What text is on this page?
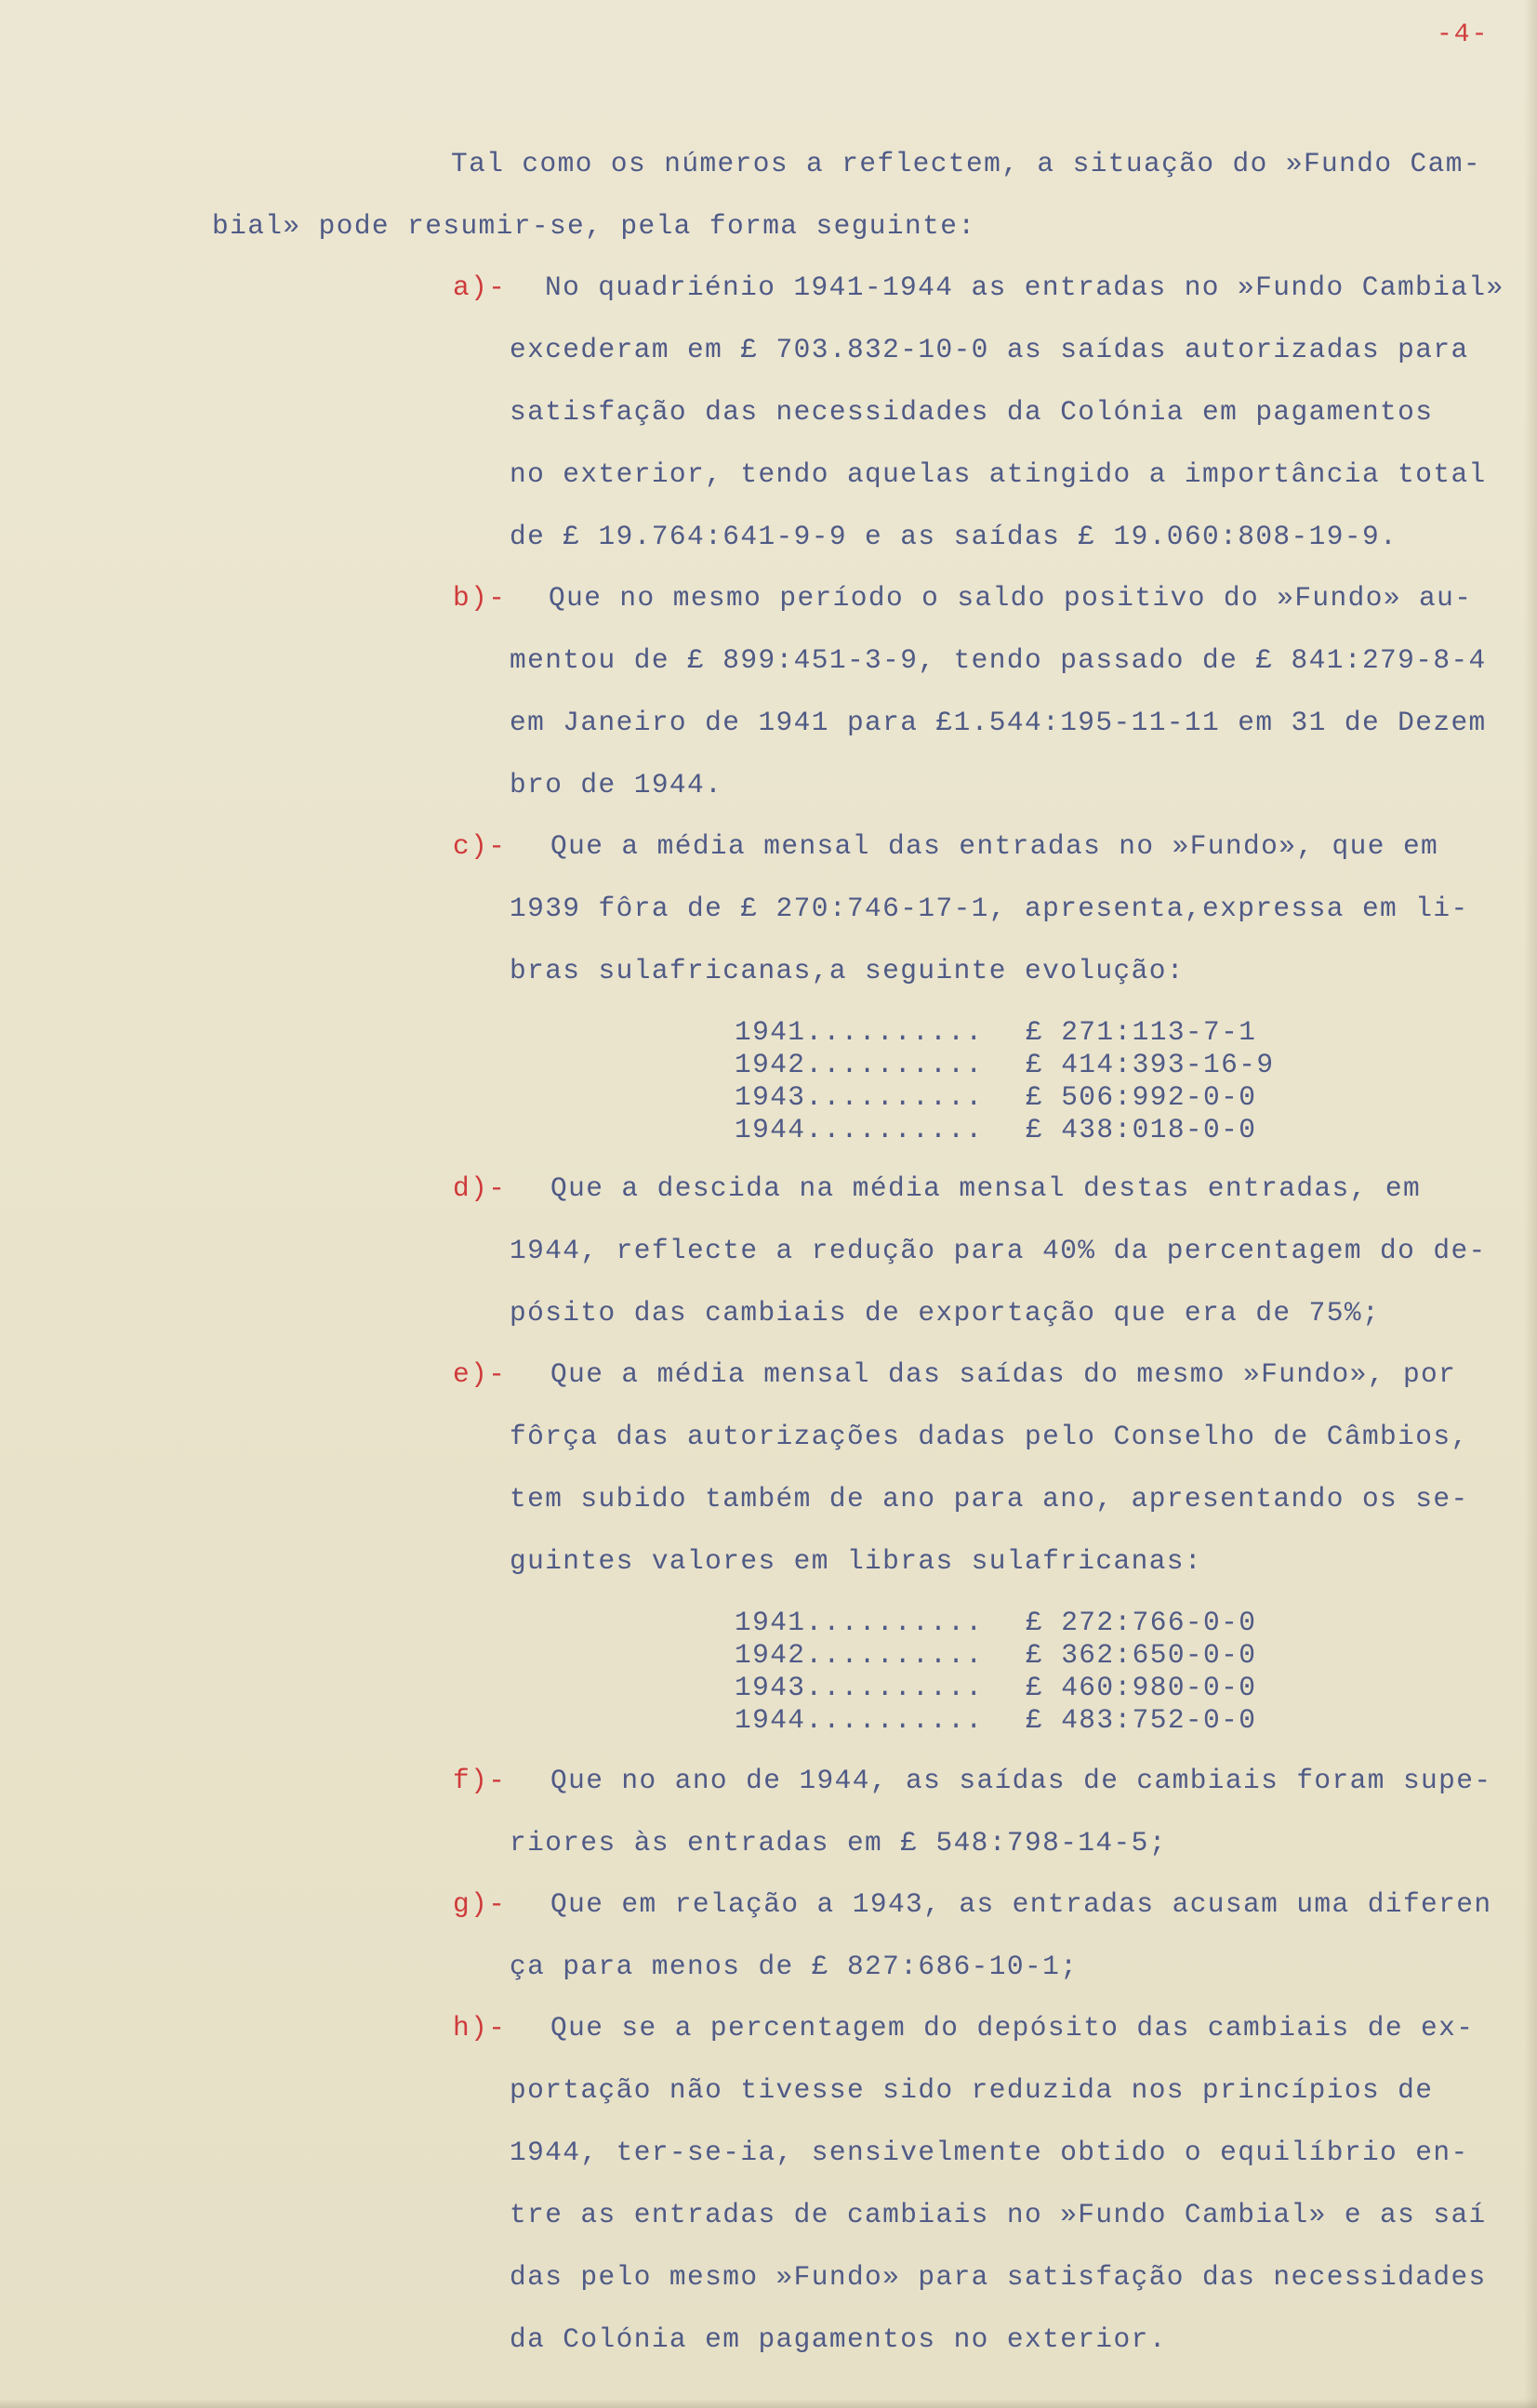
-4-
Tal como os números a reflectem, a situação do »Fundo Cam-
bial» pode resumir-se, pela forma seguinte:
a)- No quadriénio 1941-1944 as entradas no »Fundo Cambial»
excederam em £ 703.832-10-0 as saídas autorizadas para
satisfação das necessidades da Colónia em pagamentos
no exterior, tendo aquelas atingido a importância total
de £ 19.764:641-9-9 e as saídas £ 19.060:808-19-9.
b)- Que no mesmo período o saldo positivo do »Fundo» au-
mentou de £ 899:451-3-9, tendo passado de £ 841:279-8-4
em Janeiro de 1941 para £1.544:195-11-11 em 31 de Dezem
bro de 1944.
c)- Que a média mensal das entradas no »Fundo», que em
1939 fôra de £ 270:746-17-1, apresenta,expressa em li-
bras sulafricanas,a seguinte evolução:
1941.......... £ 271:113-7-1
1942.......... £ 414:393-16-9
1943.......... £ 506:992-0-0
1944.......... £ 438:018-0-0
d)- Que a descida na média mensal destas entradas, em
1944, reflecte a redução para 40% da percentagem do de-
pósito das cambiais de exportação que era de 75%;
e)- Que a média mensal das saídas do mesmo »Fundo», por
fôrça das autorizações dadas pelo Conselho de Câmbios,
tem subido também de ano para ano, apresentando os se-
guintes valores em libras sulafricanas:
1941.......... £ 272:766-0-0
1942.......... £ 362:650-0-0
1943.......... £ 460:980-0-0
1944.......... £ 483:752-0-0
f)- Que no ano de 1944, as saídas de cambiais foram supe-
riores às entradas em £ 548:798-14-5;
g)- Que em relação a 1943, as entradas acusam uma diferen
ça para menos de £ 827:686-10-1;
h)- Que se a percentagem do depósito das cambiais de ex-
portação não tivesse sido reduzida nos princípios de
1944, ter-se-ia, sensivelmente obtido o equilíbrio en-
tre as entradas de cambiais no »Fundo Cambial» e as saí
das pelo mesmo »Fundo» para satisfação das necessidades
da Colónia em pagamentos no exterior.
